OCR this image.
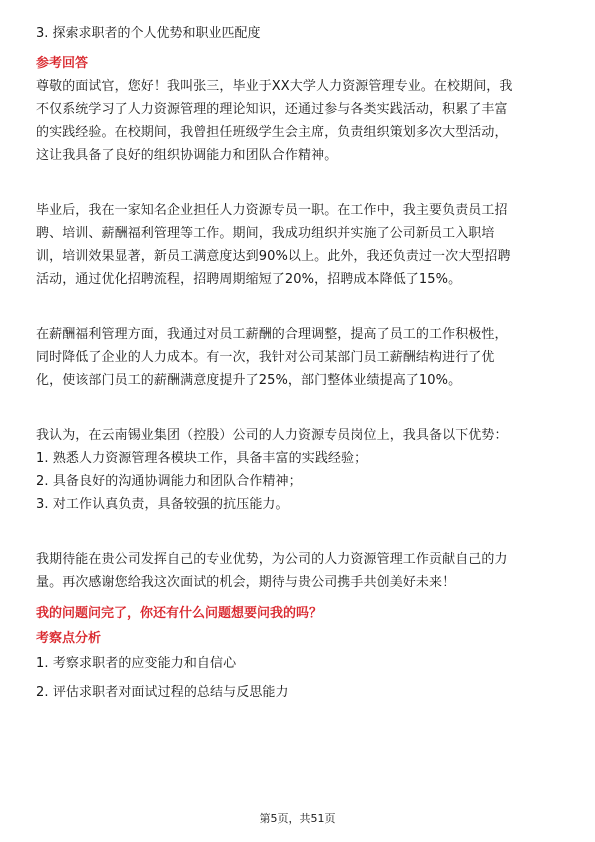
3. 探索求职者的个人优势和职业匹配度

参考回答

尊敬的面试官，您好！我叫张三，毕业于XX大学人力资源管理专业。在校期间，我

不仅系统学习了人力资源管理的理论知识，还通过参与各类实践活动，积累了丰富

的实践经验。在校期间，我曾担任班级学生会主席，负责组织策划多次大型活动，

这让我具备了良好的组织协调能力和团队合作精神。

毕业后，我在一家知名企业担任人力资源专员一职。在工作中，我主要负责员工招

聘、培训、薪酬福利管理等工作。期间，我成功组织并实施了公司新员工入职培

训，培训效果显著，新员工满意度达到90%以上。此外，我还负责过一次大型招聘

活动，通过优化招聘流程，招聘周期缩短了20%，招聘成本降低了15%。

在薪酬福利管理方面，我通过对员工薪酬的合理调整，提高了员工的工作积极性，

同时降低了企业的人力成本。有一次，我针对公司某部门员工薪酬结构进行了优

化，使该部门员工的薪酬满意度提升了25%，部门整体业绩提高了10%。

我认为，在云南锡业集团（控股）公司的人力资源专员岗位上，我具备以下优势：

1. 熟悉人力资源管理各模块工作，具备丰富的实践经验；

2. 具备良好的沟通协调能力和团队合作精神；

3. 对工作认真负责，具备较强的抗压能力。

我期待能在贵公司发挥自己的专业优势，为公司的人力资源管理工作贡献自己的力

量。再次感谢您给我这次面试的机会，期待与贵公司携手共创美好未来！

我的问题问完了，你还有什么问题想要问我的吗？

考察点分析

1. 考察求职者的应变能力和自信心

2. 评估求职者对面试过程的总结与反思能力

第5页，共51页
